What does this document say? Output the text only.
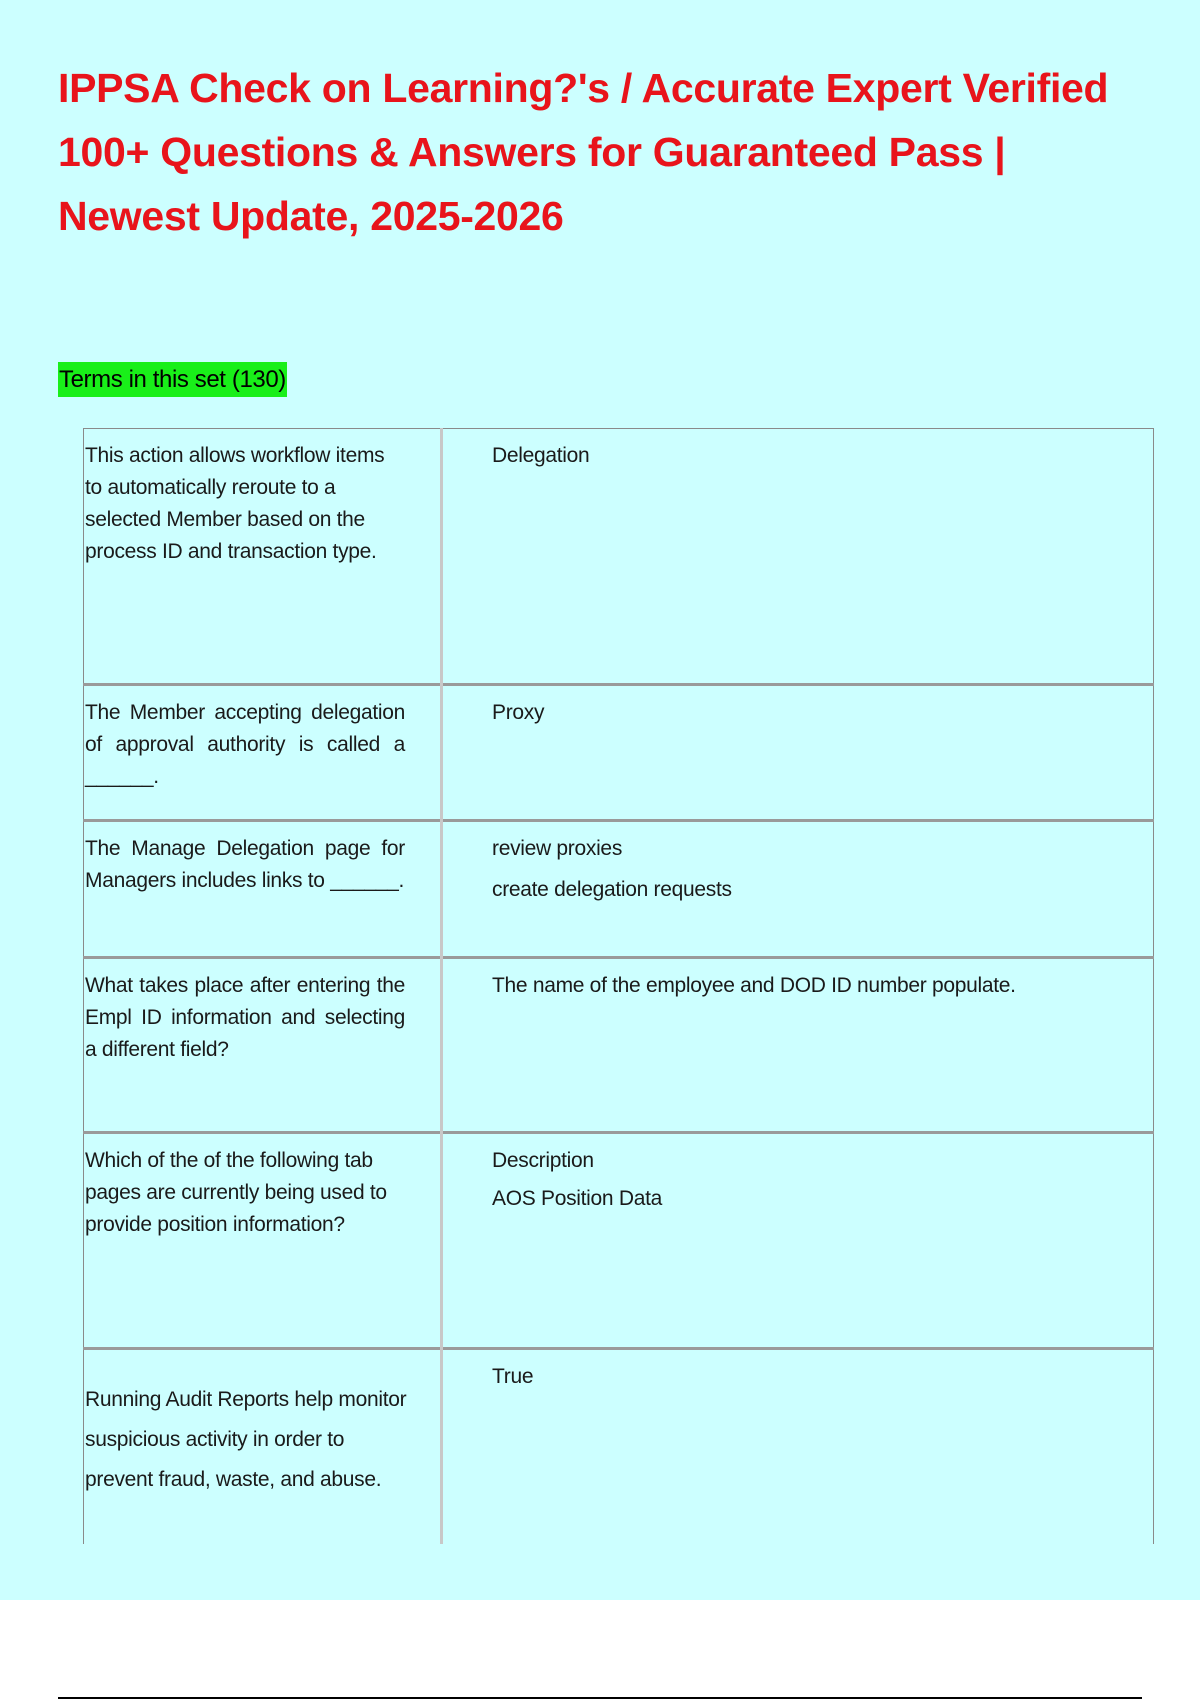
IPPSA Check on Learning?'s / Accurate Expert Verified 100+ Questions & Answers for Guaranteed Pass | Newest Update, 2025-2026
Terms in this set (130)
This action allows workflow items to automatically reroute to a selected Member based on the process ID and transaction type.	Delegation

The Member accepting delegation of approval authority is called a ______.	Proxy

The Manage Delegation page for Managers includes links to ______.	review proxies
create delegation requests

What takes place after entering the Empl ID information and selecting a different field?	The name of the employee and DOD ID number populate.

Which of the of the following tab pages are currently being used to provide position information?	Description
AOS Position Data

Running Audit Reports help monitor suspicious activity in order to prevent fraud, waste, and abuse.	True
